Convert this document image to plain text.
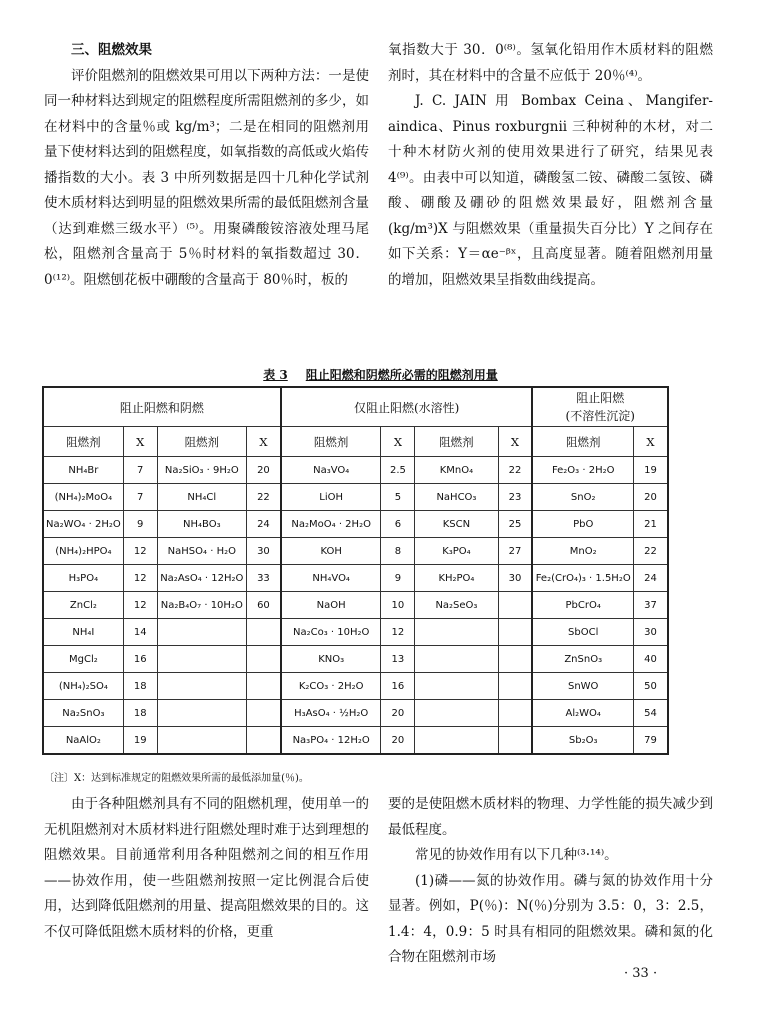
三、阻燃效果

评价阻燃剂的阻燃效果可用以下两种方法：一是使同一种材料达到规定的阻燃程度所需阻燃剂的多少，如在材料中的含量％或 kg/m³；二是在相同的阻燃剂用量下使材料达到的阻燃程度，如氧指数的高低或火焰传播指数的大小。表 3 中所列数据是四十几种化学试剂使木质材料达到明显的阻燃效果所需的最低阻燃剂含量（达到难燃三级水平）⁽⁵⁾。用聚磷酸铵溶液处理马尾松，阻燃剂含量高于 5％时材料的氧指数超过 30．0⁽¹²⁾。阻燃刨花板中硼酸的含量高于 80％时，板的

氧指数大于 30．0⁽⁸⁾。氢氧化铅用作木质材料的阻燃剂时，其在材料中的含量不应低于 20％⁽⁴⁾。

J. C. JAIN 用 Bombax Ceina、Mangifer-aindica、Pinus roxburgnii 三种树种的木材，对二十种木材防火剂的使用效果进行了研究，结果见表 4⁽⁹⁾。由表中可以知道，磷酸氢二铵、磷酸二氢铵、磷酸、硼酸及硼砂的阻燃效果最好，阻燃剂含量(kg/m³)X 与阻燃效果（重量损失百分比）Y 之间存在如下关系：Y＝αe⁻ᵝˣ，且高度显著。随着阻燃剂用量的增加，阻燃效果呈指数曲线提高。

表 3 阻止阳燃和阴燃所必需的阻燃剂用量
阻止阳燃和阴燃				仅阻止阳燃(水溶性)				阻止阳燃
(不溶性沉淀)	
阻燃剂	X	阻燃剂	X	阻燃剂	X	阻燃剂	X	阻燃剂	X
NH₄Br	7	Na₂SiO₃ · 9H₂O	20	Na₃VO₄	2.5	KMnO₄	22	Fe₂O₃ · 2H₂O	19
(NH₄)₂MoO₄	7	NH₄Cl	22	LiOH	5	NaHCO₃	23	SnO₂	20
Na₂WO₄ · 2H₂O	9	NH₄BO₃	24	Na₂MoO₄ · 2H₂O	6	KSCN	25	PbO	21
(NH₄)₂HPO₄	12	NaHSO₄ · H₂O	30	KOH	8	K₃PO₄	27	MnO₂	22
H₃PO₄	12	Na₂AsO₄ · 12H₂O	33	NH₄VO₄	9	KH₂PO₄	30	Fe₂(CrO₄)₃ · 1.5H₂O	24
ZnCl₂	12	Na₂B₄O₇ · 10H₂O	60	NaOH	10	Na₂SeO₃		PbCrO₄	37
NH₄I	14			Na₂Co₃ · 10H₂O	12			SbOCl	30
MgCl₂	16			KNO₃	13			ZnSnO₃	40
(NH₄)₂SO₄	18			K₂CO₃ · 2H₂O	16			SnWO	50
Na₂SnO₃	18			H₃AsO₄ · ½H₂O	20			Al₂WO₄	54
NaAlO₂	19			Na₃PO₄ · 12H₂O	20			Sb₂O₃	79
〔注〕X：达到标准规定的阻燃效果所需的最低添加量(％)。

由于各种阻燃剂具有不同的阻燃机理，使用单一的无机阻燃剂对木质材料进行阻燃处理时难于达到理想的阻燃效果。目前通常利用各种阻燃剂之间的相互作用——协效作用，使一些阻燃剂按照一定比例混合后使用，达到降低阻燃剂的用量、提高阻燃效果的目的。这不仅可降低阻燃木质材料的价格，更重

要的是使阻燃木质材料的物理、力学性能的损失减少到最低程度。

常见的协效作用有以下几种⁽³·¹⁴⁾。

(1)磷——氮的协效作用。磷与氮的协效作用十分显著。例如，P(％)：N(％)分别为 3.5：0，3：2.5，1.4：4，0.9：5 时具有相同的阻燃效果。磷和氮的化合物在阻燃剂市场

· 33 ·
